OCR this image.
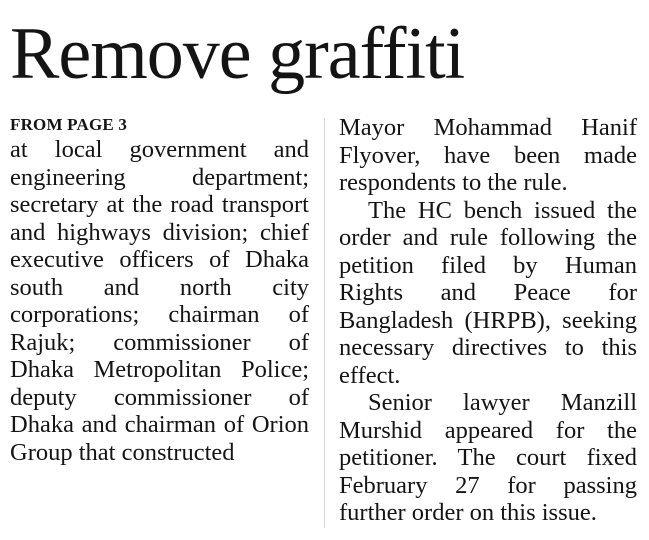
Remove graffiti
FROM PAGE 3

at local government and engineering department; secretary at the road transport and highways division; chief executive officers of Dhaka south and north city corporations; chairman of Rajuk; commissioner of Dhaka Metropolitan Police; deputy commissioner of Dhaka and chairman of Orion Group that constructed

Mayor Mohammad Hanif Flyover, have been made respondents to the rule.

The HC bench issued the order and rule following the petition filed by Human Rights and Peace for Bangladesh (HRPB), seeking necessary directives to this effect.

Senior lawyer Manzill Murshid appeared for the petitioner. The court fixed February 27 for passing further order on this issue.
